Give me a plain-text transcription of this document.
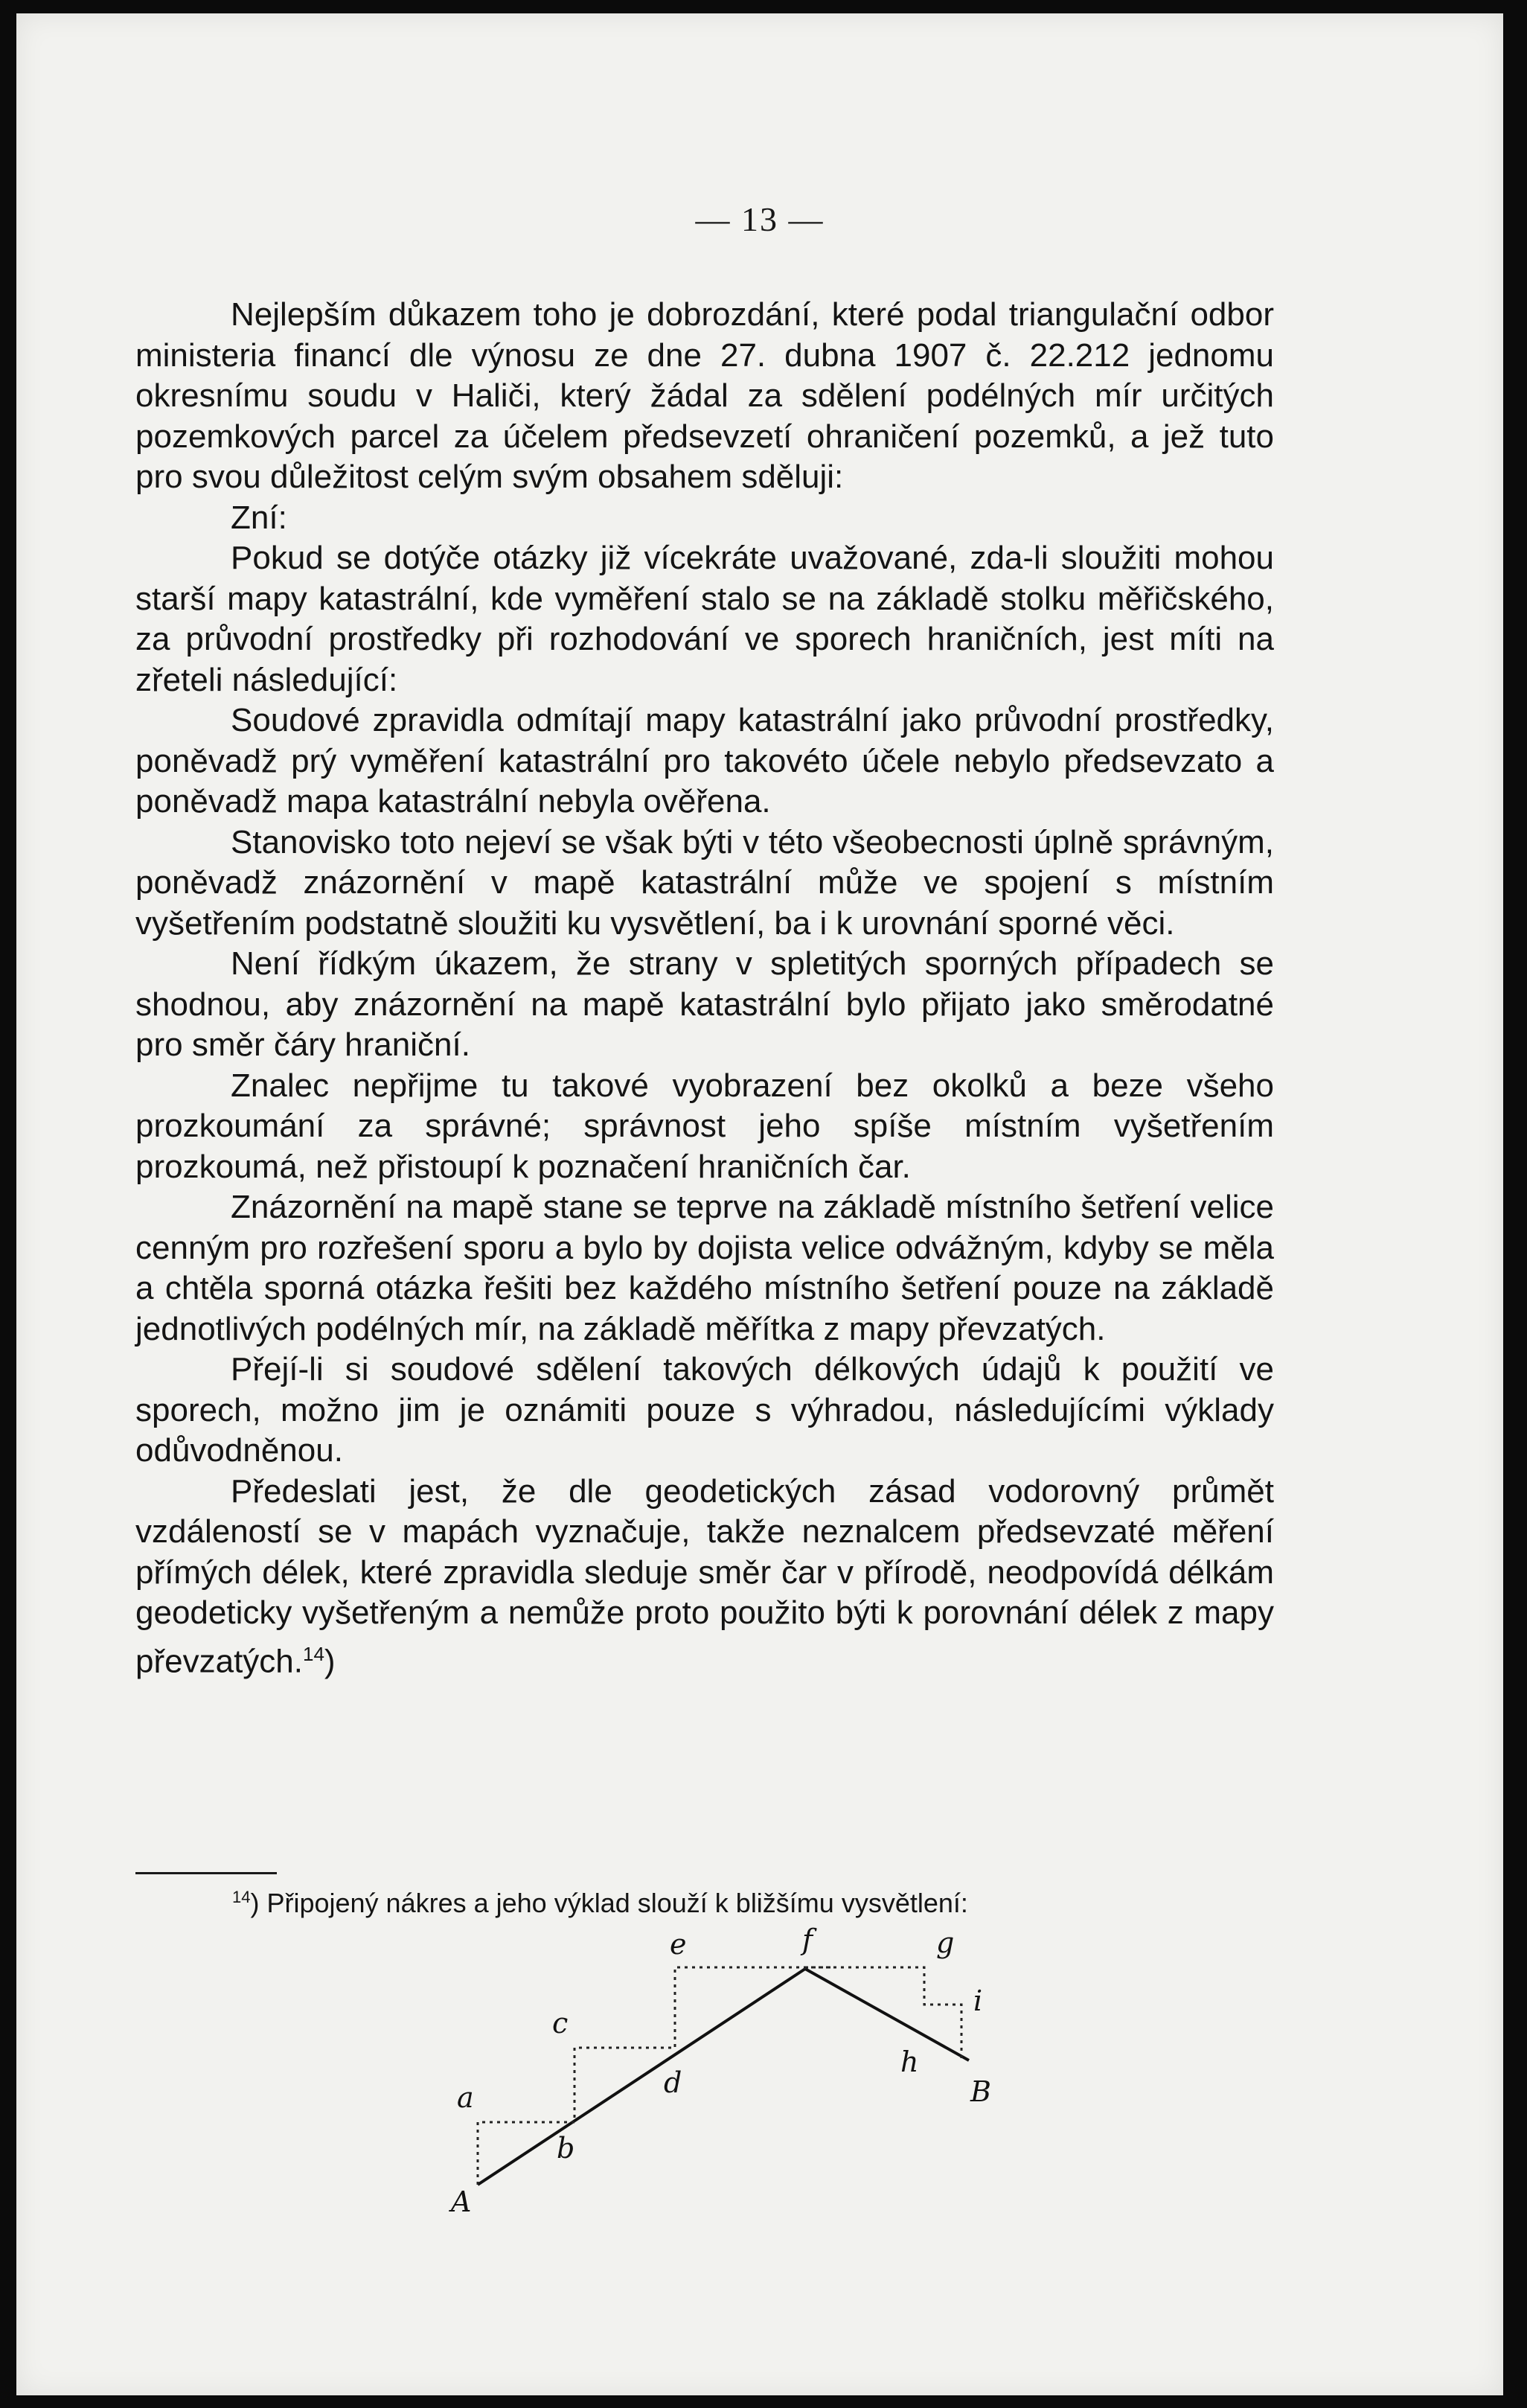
— 13 —

Nejlepším důkazem toho je dobrozdání, které podal triangulační odbor ministeria financí dle výnosu ze dne 27. dubna 1907 č. 22.212 jednomu okresnímu soudu v Haliči, který žádal za sdělení podélných mír určitých pozemkových parcel za účelem předsevzetí ohraničení pozemků, a jež tuto pro svou důležitost celým svým obsahem sděluji:

Zní:

Pokud se dotýče otázky již vícekráte uvažované, zda-li sloužiti mohou starší mapy katastrální, kde vyměření stalo se na základě stolku měřičského, za průvodní prostředky při rozhodování ve sporech hraničních, jest míti na zřeteli následující:

Soudové zpravidla odmítají mapy katastrální jako průvodní prostředky, poněvadž prý vyměření katastrální pro takovéto účele nebylo předsevzato a poněvadž mapa katastrální nebyla ověřena.

Stanovisko toto nejeví se však býti v této všeobecnosti úplně správným, poněvadž znázornění v mapě katastrální může ve spojení s místním vyšetřením podstatně sloužiti ku vysvětlení, ba i k urovnání sporné věci.

Není řídkým úkazem, že strany v spletitých sporných případech se shodnou, aby znázornění na mapě katastrální bylo přijato jako směrodatné pro směr čáry hraniční.

Znalec nepřijme tu takové vyobrazení bez okolků a beze všeho prozkoumání za správné; správnost jeho spíše místním vyšetřením prozkoumá, než přistoupí k poznačení hraničních čar.

Znázornění na mapě stane se teprve na základě místního šetření velice cenným pro rozřešení sporu a bylo by dojista velice odvážným, kdyby se měla a chtěla sporná otázka řešiti bez každého místního šetření pouze na základě jednotlivých podélných mír, na základě měřítka z mapy převzatých.

Přejí-li si soudové sdělení takových délkových údajů k použití ve sporech, možno jim je oznámiti pouze s výhradou, následujícími výklady odůvodněnou.

Předeslati jest, že dle geodetických zásad vodorovný průmět vzdáleností se v mapách vyznačuje, takže neznalcem předsevzaté měření přímých délek, které zpravidla sleduje směr čar v přírodě, neodpovídá délkám geodeticky vyšetřeným a nemůže proto použito býti k porovnání délek z mapy převzatých.$^{14}$)

$^{14}$) Připojený nákres a jeho výklad slouží k bližšímu vysvětlení:
e	f	g
c
i
d
h
a	B
b
A
